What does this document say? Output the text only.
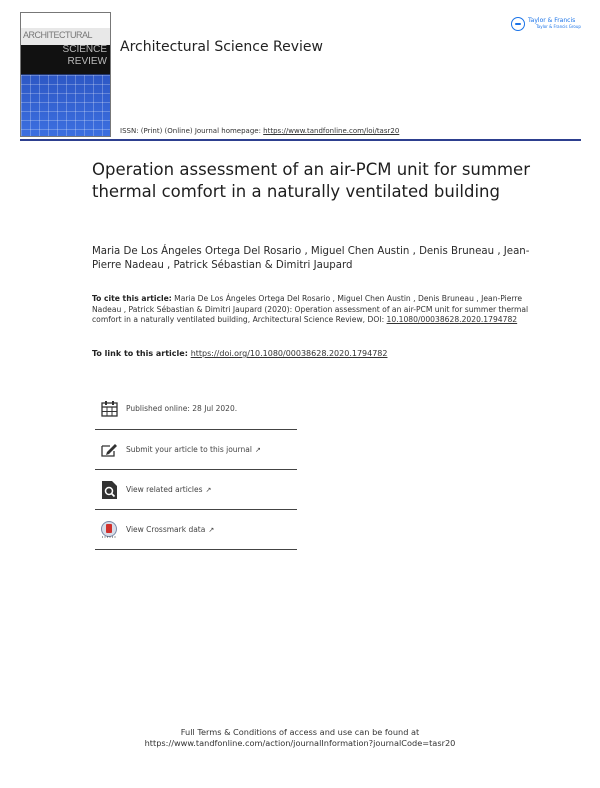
ARCHITECTURAL
SCIENCE
REVIEW
Architectural Science Review
Taylor & Francis
Taylor & Francis Group
ISSN: (Print) (Online) Journal homepage: https://www.tandfonline.com/loi/tasr20
Operation assessment of an air-PCM unit for summer thermal comfort in a naturally ventilated building
Maria De Los Ángeles Ortega Del Rosario , Miguel Chen Austin , Denis Bruneau , Jean-Pierre Nadeau , Patrick Sébastian & Dimitri Jaupard
To cite this article: Maria De Los Ángeles Ortega Del Rosario , Miguel Chen Austin , Denis Bruneau , Jean-Pierre Nadeau , Patrick Sébastian & Dimitri Jaupard (2020): Operation assessment of an air-PCM unit for summer thermal comfort in a naturally ventilated building, Architectural Science Review, DOI: 10.1080/00038628.2020.1794782
To link to this article: https://doi.org/10.1080/00038628.2020.1794782
Published online: 28 Jul 2020.
Submit your article to this journal ↗
View related articles ↗
View Crossmark data ↗
Full Terms & Conditions of access and use can be found at
https://www.tandfonline.com/action/journalInformation?journalCode=tasr20
